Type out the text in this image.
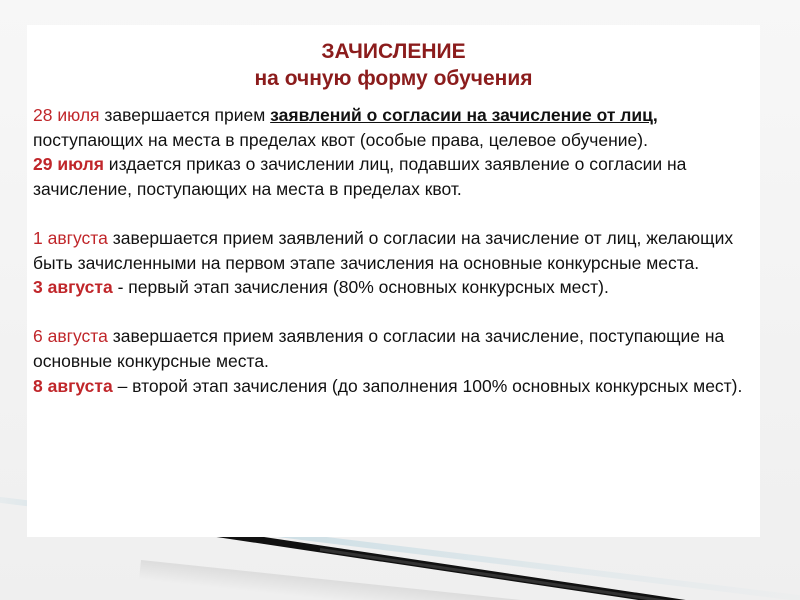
ЗАЧИСЛЕНИЕ
на очную форму обучения

28 июля завершается прием заявлений о согласии на зачисление от лиц, поступающих на места в пределах квот (особые права, целевое обучение).

29 июля издается приказ о зачислении лиц, подавших заявление о согласии на зачисление, поступающих на места в пределах квот.

1 августа завершается прием заявлений о согласии на зачисление от лиц, желающих быть зачисленными на первом этапе зачисления на основные конкурсные места.

3 августа - первый этап зачисления (80% основных конкурсных мест).

6 августа завершается прием заявления о согласии на зачисление, поступающие на основные конкурсные места.

8 августа – второй этап зачисления (до заполнения 100% основных конкурсных мест).
